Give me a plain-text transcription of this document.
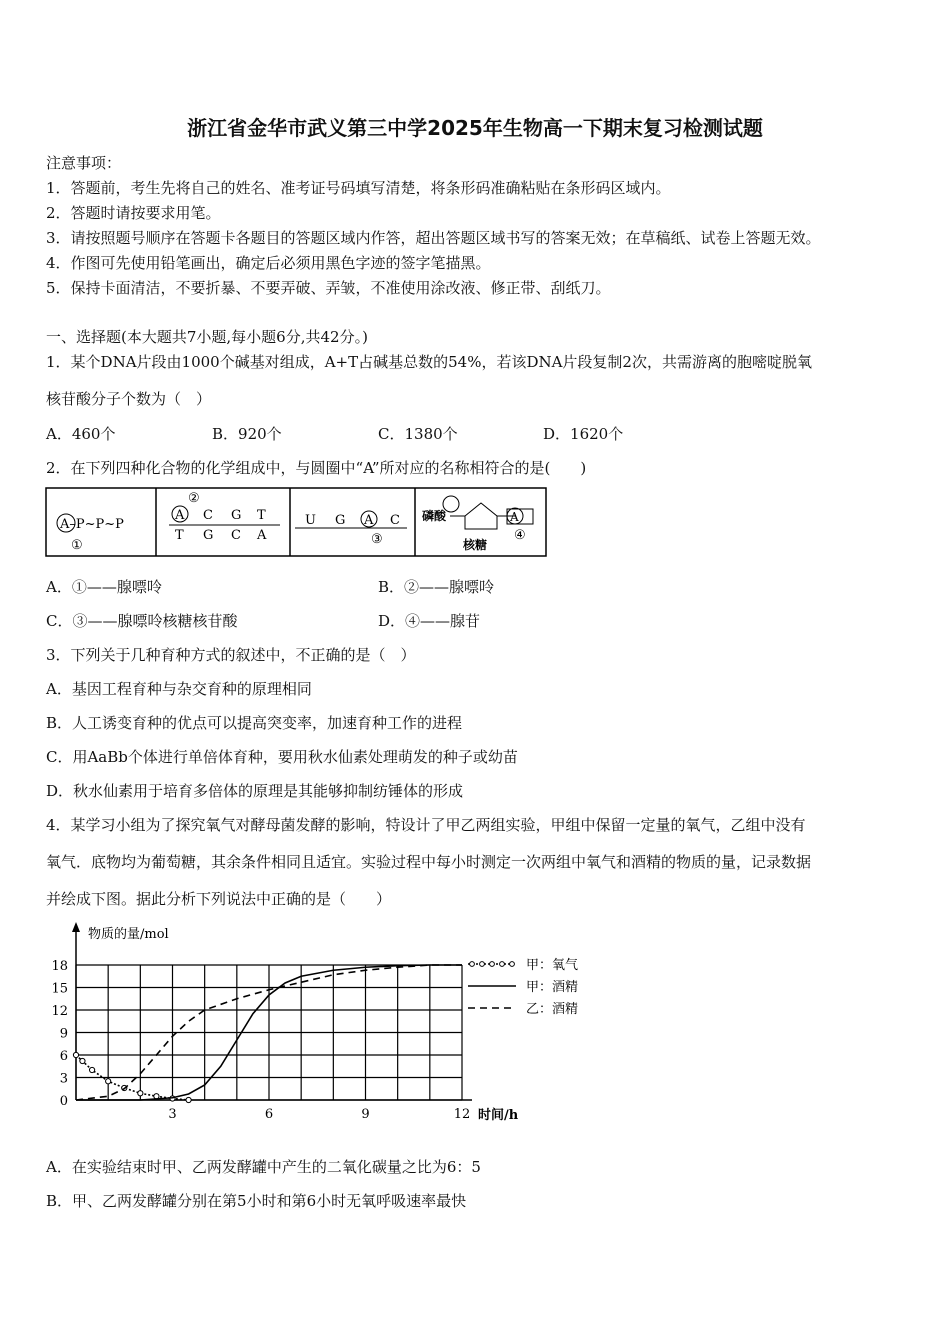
浙江省金华市武义第三中学2025年生物高一下期末复习检测试题
注意事项：
1．答题前，考生先将自己的姓名、准考证号码填写清楚，将条形码准确粘贴在条形码区域内。
2．答题时请按要求用笔。
3．请按照题号顺序在答题卡各题目的答题区域内作答，超出答题区域书写的答案无效；在草稿纸、试卷上答题无效。
4．作图可先使用铅笔画出，确定后必须用黑色字迹的签字笔描黑。
5．保持卡面清洁，不要折暴、不要弄破、弄皱，不准使用涂改液、修正带、刮纸刀。
一、选择题(本大题共7小题,每小题6分,共42分。)
1．某个DNA片段由1000个碱基对组成，A+T占碱基总数的54%，若该DNA片段复制2次，共需游离的胞嘧啶脱氧
核苷酸分子个数为（　）
A．460个	B．920个	C．1380个	D．1620个
2．在下列四种化合物的化学组成中，与圆圈中“A”所对应的名称相符合的是(　　)
A–P~P~P
①
②
A C G T
T G C A
U G A C
③
磷酸	A
核糖
④
A．①——腺嘌呤	B．②——腺嘌呤
C．③——腺嘌呤核糖核苷酸	D．④——腺苷
3．下列关于几种育种方式的叙述中，不正确的是（　）
A．基因工程育种与杂交育种的原理相同
B．人工诱变育种的优点可以提高突变率，加速育种工作的进程
C．用AaBb个体进行单倍体育种，要用秋水仙素处理萌发的种子或幼苗
D．秋水仙素用于培育多倍体的原理是其能够抑制纺锤体的形成
4．某学习小组为了探究氧气对酵母菌发酵的影响，特设计了甲乙两组实验，甲组中保留一定量的氧气，乙组中没有
氧气．底物均为葡萄糖，其余条件相同且适宜。实验过程中每小时测定一次两组中氧气和酒精的物质的量，记录数据
并绘成下图。据此分析下列说法中正确的是（　　）
0
3
6
9
12
15
18
3	6	9	12
甲：氧气
甲：酒精
乙：酒精
物质的量/mol
时间/h
A．在实验结束时甲、乙两发酵罐中产生的二氧化碳量之比为6：5
B．甲、乙两发酵罐分别在第5小时和第6小时无氧呼吸速率最快
